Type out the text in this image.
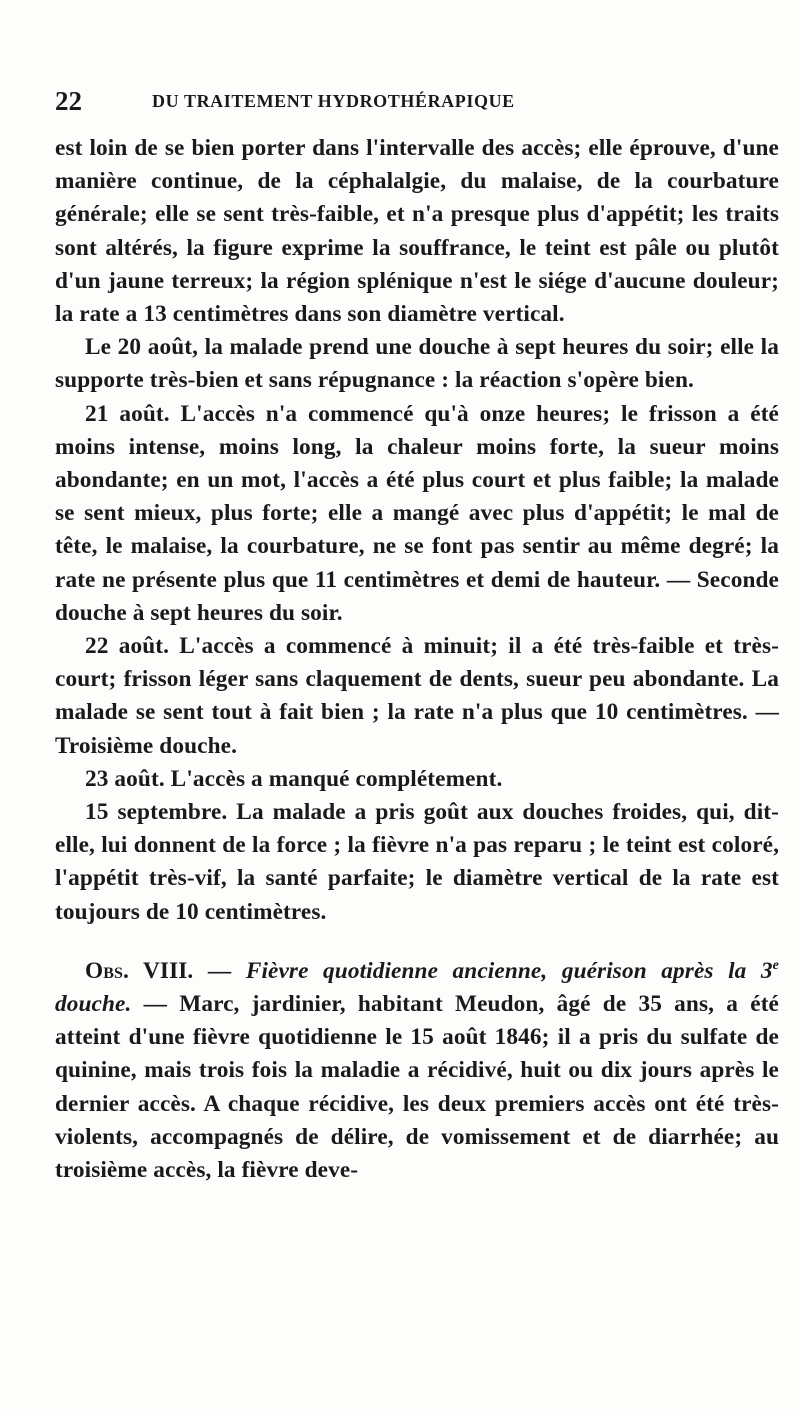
22	DU TRAITEMENT HYDROTHÉRAPIQUE

est loin de se bien porter dans l'intervalle des accès; elle éprouve, d'une manière continue, de la céphalalgie, du malaise, de la courbature générale; elle se sent très-faible, et n'a presque plus d'appétit; les traits sont altérés, la figure exprime la souffrance, le teint est pâle ou plutôt d'un jaune terreux; la région splénique n'est le siége d'aucune douleur; la rate a 13 centimètres dans son diamètre vertical.

Le 20 août, la malade prend une douche à sept heures du soir; elle la supporte très-bien et sans répugnance : la réaction s'opère bien.

21 août. L'accès n'a commencé qu'à onze heures; le frisson a été moins intense, moins long, la chaleur moins forte, la sueur moins abondante; en un mot, l'accès a été plus court et plus faible; la malade se sent mieux, plus forte; elle a mangé avec plus d'appétit; le mal de tête, le malaise, la courbature, ne se font pas sentir au même degré; la rate ne présente plus que 11 centimètres et demi de hauteur. — Seconde douche à sept heures du soir.

22 août. L'accès a commencé à minuit; il a été très-faible et très-court; frisson léger sans claquement de dents, sueur peu abondante. La malade se sent tout à fait bien ; la rate n'a plus que 10 centimètres. — Troisième douche.

23 août. L'accès a manqué complétement.

15 septembre. La malade a pris goût aux douches froides, qui, dit-elle, lui donnent de la force ; la fièvre n'a pas reparu ; le teint est coloré, l'appétit très-vif, la santé parfaite; le diamètre vertical de la rate est toujours de 10 centimètres.

Obs. VIII. — Fièvre quotidienne ancienne, guérison après la 3e douche. — Marc, jardinier, habitant Meudon, âgé de 35 ans, a été atteint d'une fièvre quotidienne le 15 août 1846; il a pris du sulfate de quinine, mais trois fois la maladie a récidivé, huit ou dix jours après le dernier accès. A chaque récidive, les deux premiers accès ont été très-violents, accompagnés de délire, de vomissement et de diarrhée; au troisième accès, la fièvre deve-
